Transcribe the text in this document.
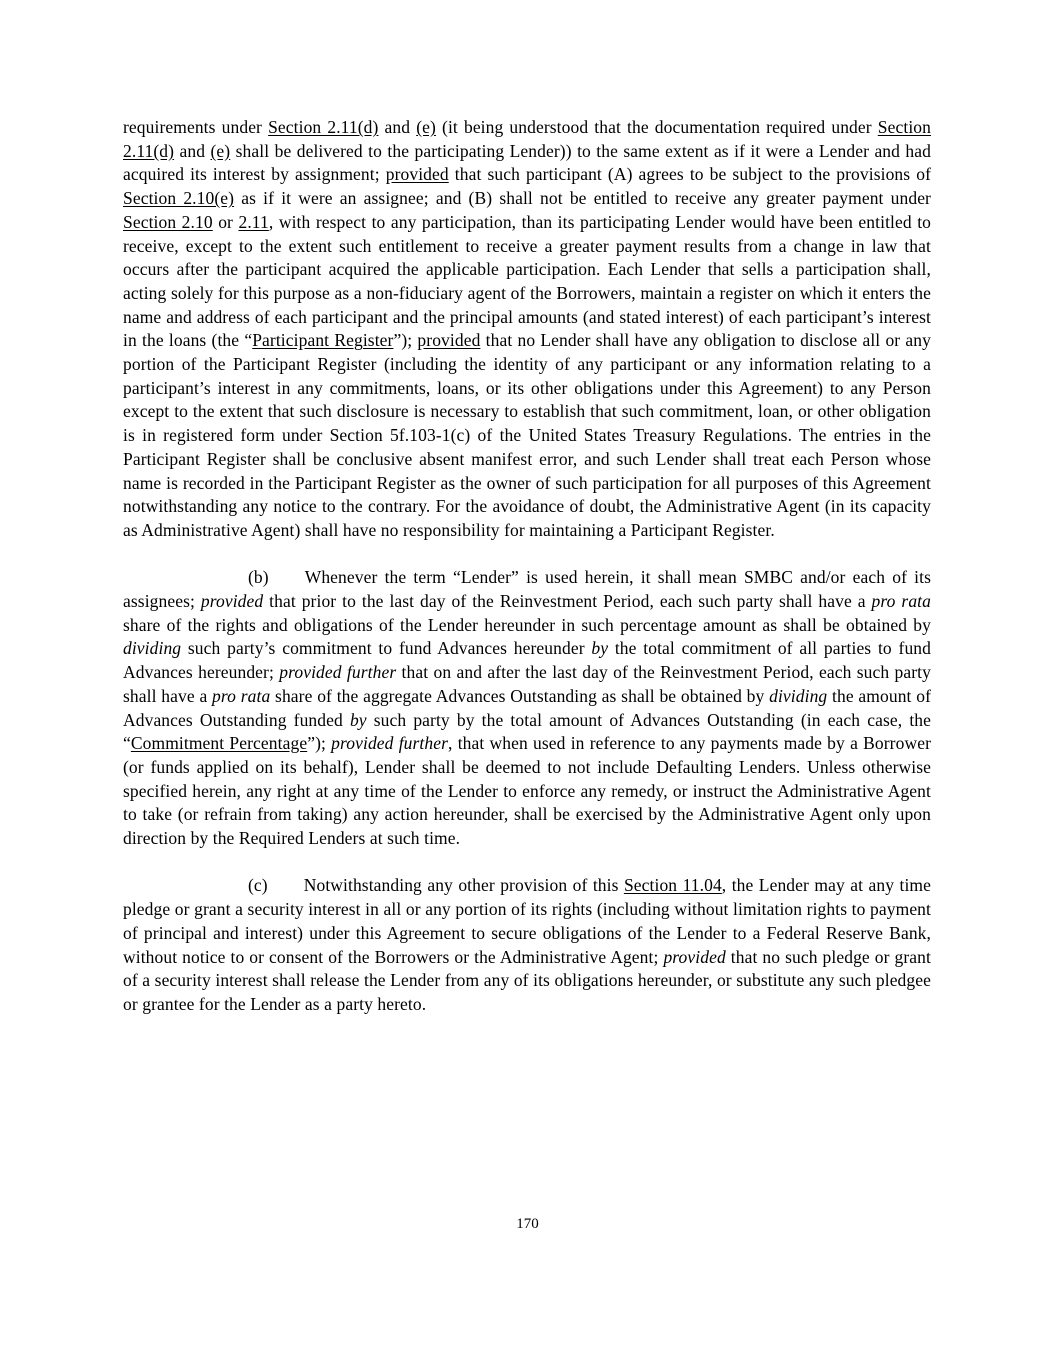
requirements under Section 2.11(d) and (e) (it being understood that the documentation required under Section 2.11(d) and (e) shall be delivered to the participating Lender)) to the same extent as if it were a Lender and had acquired its interest by assignment; provided that such participant (A) agrees to be subject to the provisions of Section 2.10(e) as if it were an assignee; and (B) shall not be entitled to receive any greater payment under Section 2.10 or 2.11, with respect to any participation, than its participating Lender would have been entitled to receive, except to the extent such entitlement to receive a greater payment results from a change in law that occurs after the participant acquired the applicable participation. Each Lender that sells a participation shall, acting solely for this purpose as a non-fiduciary agent of the Borrowers, maintain a register on which it enters the name and address of each participant and the principal amounts (and stated interest) of each participant’s interest in the loans (the “Participant Register”); provided that no Lender shall have any obligation to disclose all or any portion of the Participant Register (including the identity of any participant or any information relating to a participant’s interest in any commitments, loans, or its other obligations under this Agreement) to any Person except to the extent that such disclosure is necessary to establish that such commitment, loan, or other obligation is in registered form under Section 5f.103-1(c) of the United States Treasury Regulations. The entries in the Participant Register shall be conclusive absent manifest error, and such Lender shall treat each Person whose name is recorded in the Participant Register as the owner of such participation for all purposes of this Agreement notwithstanding any notice to the contrary. For the avoidance of doubt, the Administrative Agent (in its capacity as Administrative Agent) shall have no responsibility for maintaining a Participant Register.

(b) Whenever the term “Lender” is used herein, it shall mean SMBC and/or each of its assignees; provided that prior to the last day of the Reinvestment Period, each such party shall have a pro rata share of the rights and obligations of the Lender hereunder in such percentage amount as shall be obtained by dividing such party’s commitment to fund Advances hereunder by the total commitment of all parties to fund Advances hereunder; provided further that on and after the last day of the Reinvestment Period, each such party shall have a pro rata share of the aggregate Advances Outstanding as shall be obtained by dividing the amount of Advances Outstanding funded by such party by the total amount of Advances Outstanding (in each case, the “Commitment Percentage”); provided further, that when used in reference to any payments made by a Borrower (or funds applied on its behalf), Lender shall be deemed to not include Defaulting Lenders. Unless otherwise specified herein, any right at any time of the Lender to enforce any remedy, or instruct the Administrative Agent to take (or refrain from taking) any action hereunder, shall be exercised by the Administrative Agent only upon direction by the Required Lenders at such time.

(c) Notwithstanding any other provision of this Section 11.04, the Lender may at any time pledge or grant a security interest in all or any portion of its rights (including without limitation rights to payment of principal and interest) under this Agreement to secure obligations of the Lender to a Federal Reserve Bank, without notice to or consent of the Borrowers or the Administrative Agent; provided that no such pledge or grant of a security interest shall release the Lender from any of its obligations hereunder, or substitute any such pledgee or grantee for the Lender as a party hereto.

170
